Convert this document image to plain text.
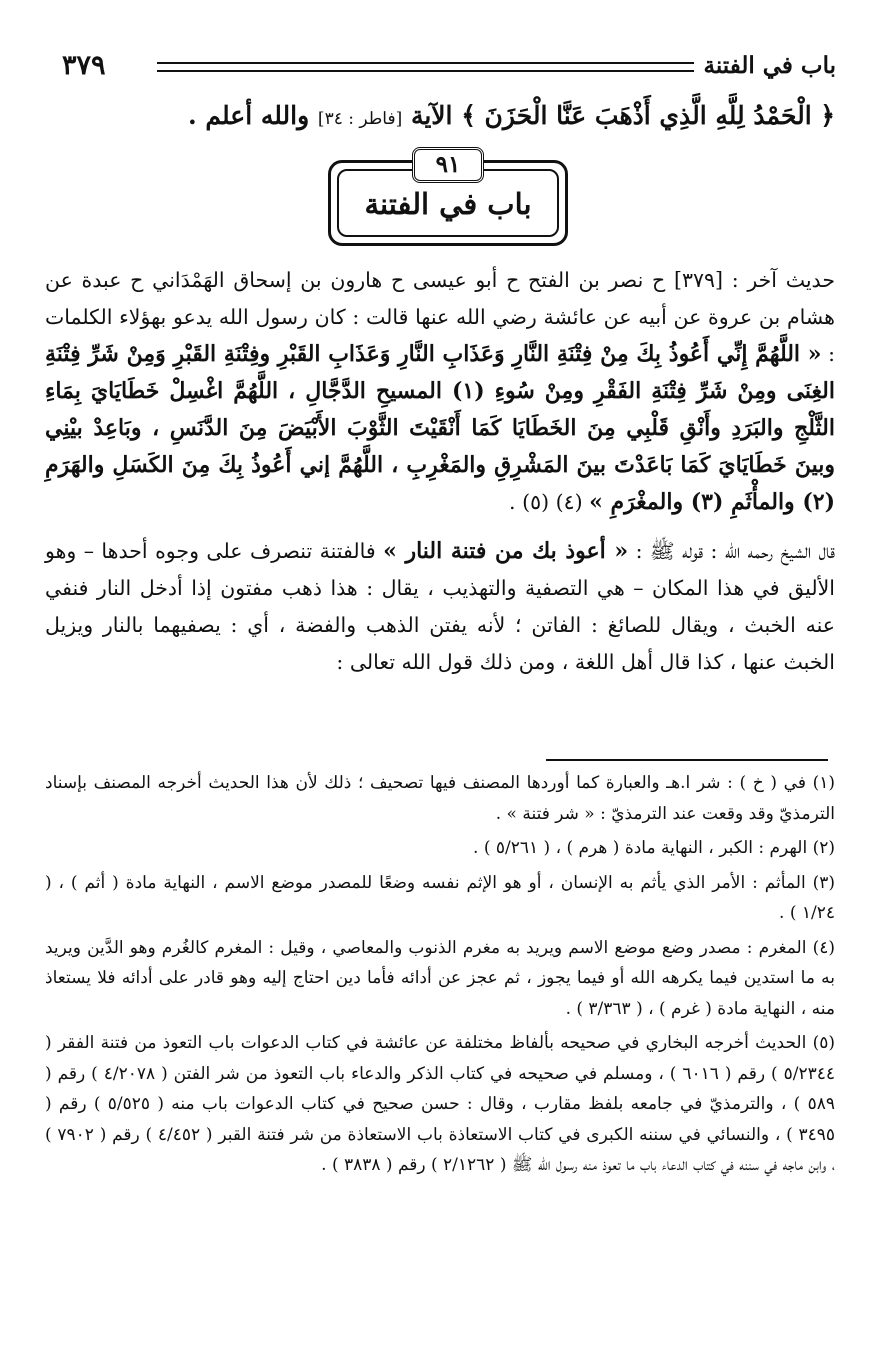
٣٧٩	باب في الفتنة
﴿ الْحَمْدُ لِلَّهِ الَّذِي أَذْهَبَ عَنَّا الْحَزَنَ ﴾ الآية [فاطر : ٣٤] والله أعلم .
٩١
باب في الفتنة

حديث آخر : [٣٧٩] ح نصر بن الفتح ح أبو عيسى ح هارون بن إسحاق الهَمْدَاني ح عبدة عن هشام بن عروة عن أبيه عن عائشة رضي الله عنها قالت : كان رسول الله يدعو بهؤلاء الكلمات : « اللَّهُمَّ إِنِّي أَعُوذُ بِكَ مِنْ فِتْنَةِ النَّارِ وَعَذَابِ النَّارِ وَعَذَابِ القَبْرِ وفِتْنَةِ القَبْرِ وَمِنْ شَرِّ فِتْنَةِ الغِنَى ومِنْ شَرِّ فِتْنَةِ الفَقْرِ ومِنْ سُوءِ (١) المسيحِ الدَّجَّالِ ، اللَّهُمَّ اغْسِلْ خَطَايَايَ بِمَاءِ الثَّلْجِ والبَرَدِ وأَنْقِ قَلْبِي مِنَ الخَطَايَا كَمَا أَنْقَيْتَ الثَّوْبَ الأَبْيَضَ مِنَ الدَّنَسِ ، وبَاعِدْ بيْنِي وبينَ خَطَايَايَ كَمَا بَاعَدْتَ بينَ المَشْرِقِ والمَغْرِبِ ، اللَّهُمَّ إني أَعُوذُ بِكَ مِنَ الكَسَلِ والهَرَمِ (٢) والمأْثَمِ (٣) والمغْرَمِ » (٤) (٥) .

قال الشيخ رحمه الله : قوله ﷺ : « أعوذ بك من فتنة النار » فالفتنة تنصرف على وجوه أحدها – وهو الأليق في هذا المكان – هي التصفية والتهذيب ، يقال : هذا ذهب مفتون إذا أدخل النار فنفي عنه الخبث ، ويقال للصائغ : الفاتن ؛ لأنه يفتن الذهب والفضة ، أي : يصفيهما بالنار ويزيل الخبث عنها ، كذا قال أهل اللغة ، ومن ذلك قول الله تعالى :

(١) في ( خ ) : شر ا.هـ والعبارة كما أوردها المصنف فيها تصحيف ؛ ذلك لأن هذا الحديث أخرجه المصنف بإسناد الترمذيّ وقد وقعت عند الترمذيّ : « شر فتنة » .

(٢) الهرم : الكبر ، النهاية مادة ( هرم ) ، ( ٥/٢٦١ ) .

(٣) المأثم : الأمر الذي يأثم به الإنسان ، أو هو الإثم نفسه وضعًا للمصدر موضع الاسم ، النهاية مادة ( أثم ) ، ( ١/٢٤ ) .

(٤) المغرم : مصدر وضع موضع الاسم ويريد به مغرم الذنوب والمعاصي ، وقيل : المغرم كالغُرم وهو الدَّين ويريد به ما استدين فيما يكرهه الله أو فيما يجوز ، ثم عجز عن أدائه فأما دين احتاج إليه وهو قادر على أدائه فلا يستعاذ منه ، النهاية مادة ( غرم ) ، ( ٣/٣٦٣ ) .

(٥) الحديث أخرجه البخاري في صحيحه بألفاظ مختلفة عن عائشة في كتاب الدعوات باب التعوذ من فتنة الفقر ( ٥/٢٣٤٤ ) رقم ( ٦٠١٦ ) ، ومسلم في صحيحه في كتاب الذكر والدعاء باب التعوذ من شر الفتن ( ٤/٢٠٧٨ ) رقم ( ٥٨٩ ) ، والترمذيّ في جامعه بلفظ مقارب ، وقال : حسن صحيح في كتاب الدعوات باب منه ( ٥/٥٢٥ ) رقم ( ٣٤٩٥ ) ، والنسائي في سننه الكبرى في كتاب الاستعاذة باب الاستعاذة من شر فتنة القبر ( ٤/٤٥٢ ) رقم ( ٧٩٠٢ ) ، وابن ماجه في سننه في كتاب الدعاء باب ما تعوذ منه رسول الله ﷺ ( ٢/١٢٦٢ ) رقم ( ٣٨٣٨ ) .
